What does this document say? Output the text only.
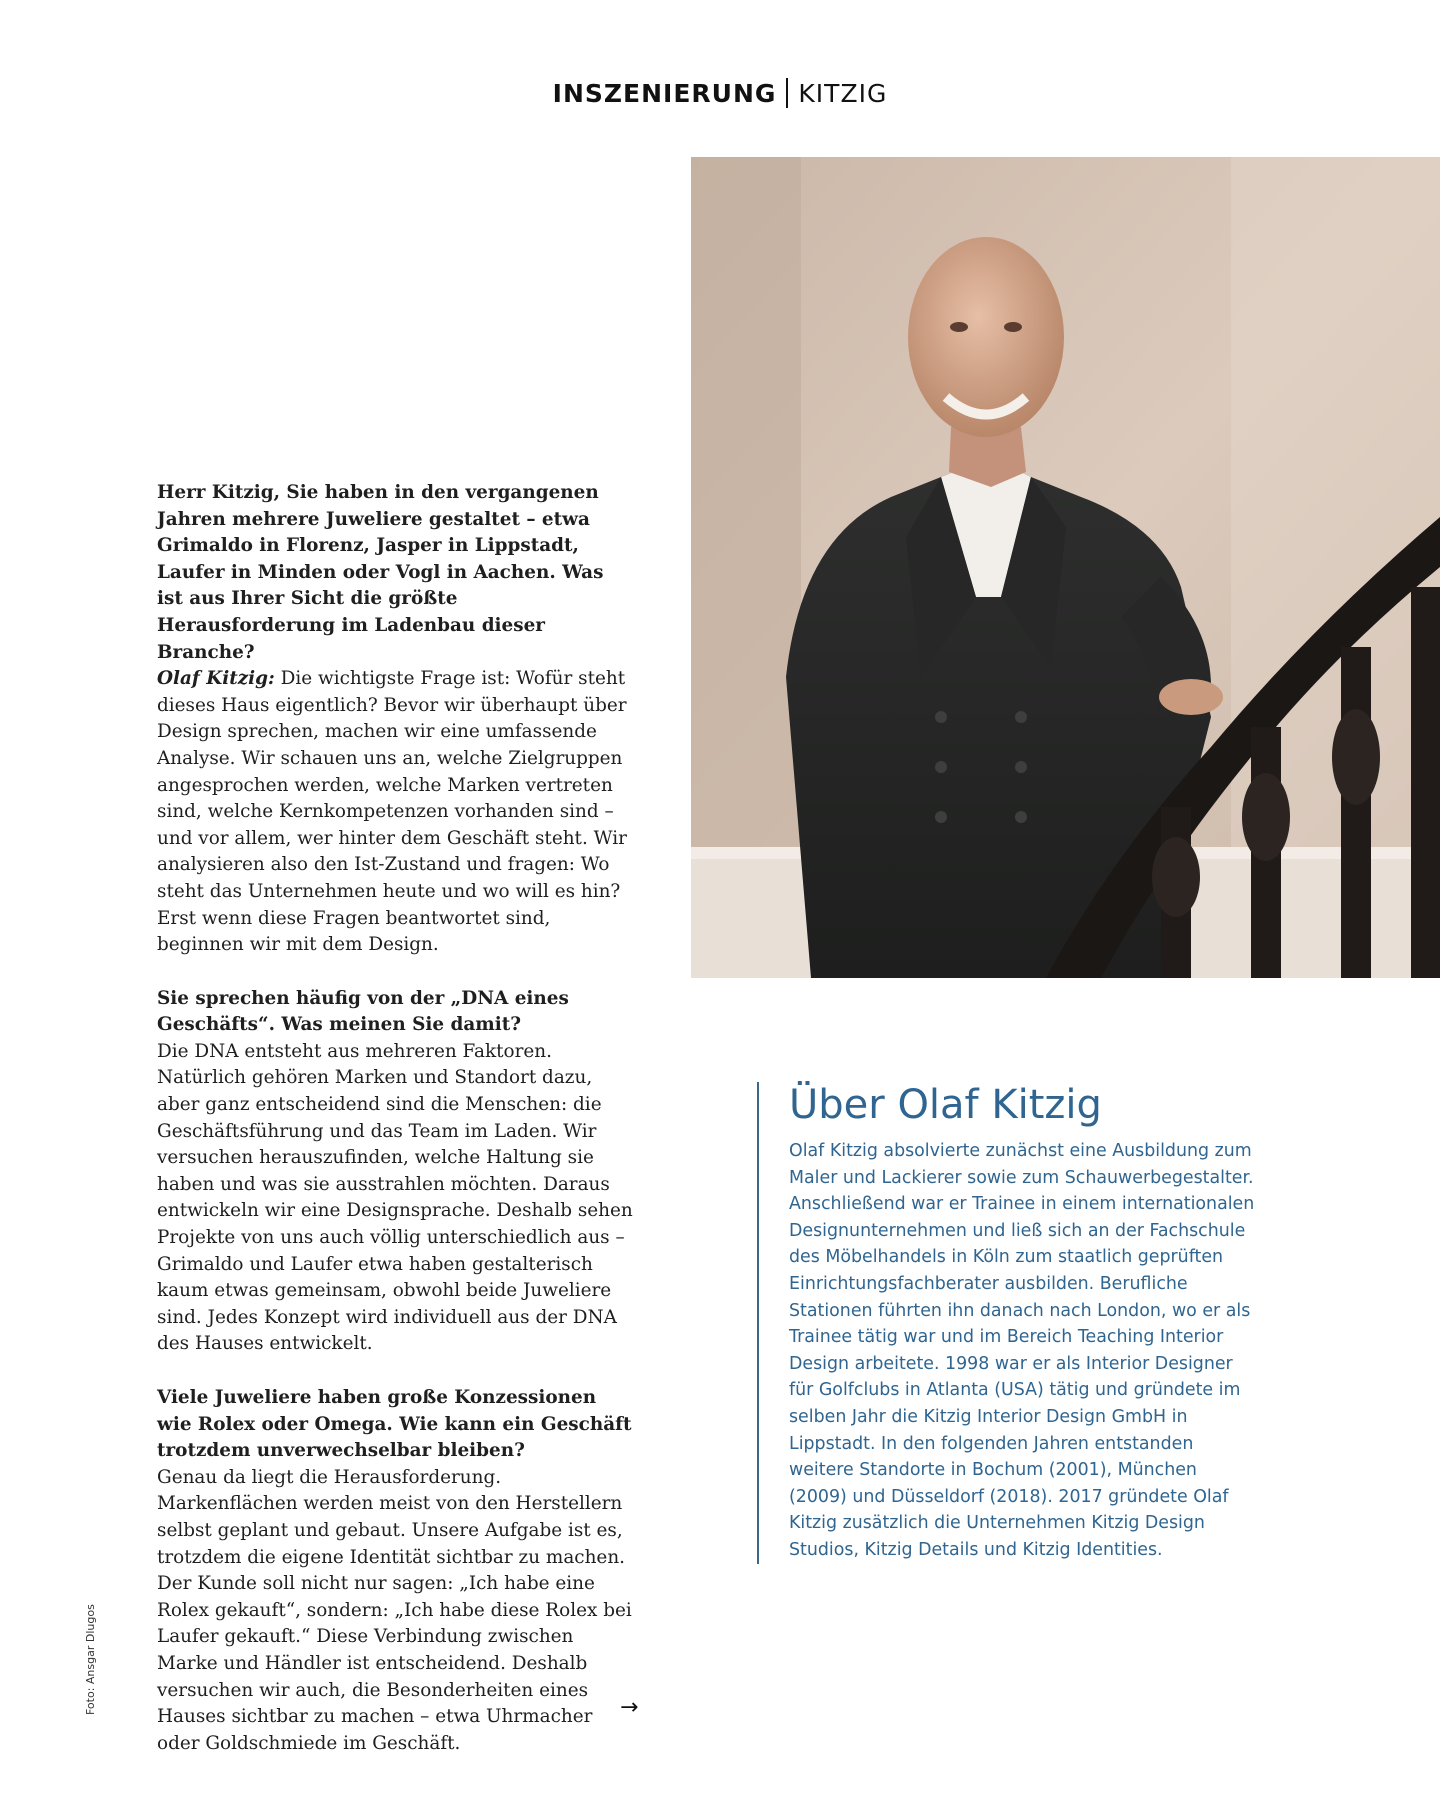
INSZENIERUNG KITZIG
Herr Kitzig, Sie haben in den vergangenen Jahren mehrere Juweliere gestaltet – etwa Grimaldo in Florenz, Jasper in Lippstadt, Laufer in Minden oder Vogl in Aachen. Was ist aus Ihrer Sicht die größte Herausforderung im Ladenbau dieser Branche?
Olaf Kitzig: Die wichtigste Frage ist: Wofür steht dieses Haus eigentlich? Bevor wir überhaupt über Design sprechen, machen wir eine umfassende Analyse. Wir schauen uns an, welche Zielgruppen angesprochen werden, welche Marken vertreten sind, welche Kernkompetenzen vorhanden sind – und vor allem, wer hinter dem Geschäft steht. Wir analysieren also den Ist-Zustand und fragen: Wo steht das Unternehmen heute und wo will es hin? Erst wenn diese Fragen beantwortet sind, beginnen wir mit dem Design.
Sie sprechen häufig von der „DNA eines Geschäfts“. Was meinen Sie damit?
Die DNA entsteht aus mehreren Faktoren. Natürlich gehören Marken und Standort dazu, aber ganz entscheidend sind die Menschen: die Geschäftsführung und das Team im Laden. Wir versuchen herauszufinden, welche Haltung sie haben und was sie ausstrahlen möchten. Daraus entwickeln wir eine Designsprache. Deshalb sehen Projekte von uns auch völlig unterschiedlich aus – Grimaldo und Laufer etwa haben gestalterisch kaum etwas gemeinsam, obwohl beide Juweliere sind. Jedes Konzept wird individuell aus der DNA des Hauses entwickelt.
Viele Juweliere haben große Konzessionen wie Rolex oder Omega. Wie kann ein Geschäft trotzdem unverwechselbar bleiben?
Genau da liegt die Herausforderung. Markenflächen werden meist von den Herstellern selbst geplant und gebaut. Unsere Aufgabe ist es, trotzdem die eigene Identität sichtbar zu machen. Der Kunde soll nicht nur sagen: „Ich habe eine Rolex gekauft“, sondern: „Ich habe diese Rolex bei Laufer gekauft.“ Diese Verbindung zwischen Marke und Händler ist entscheidend. Deshalb versuchen wir auch, die Besonderheiten eines Hauses sichtbar zu machen – etwa Uhrmacher oder Goldschmiede im Geschäft.
→
Über Olaf Kitzig

Olaf Kitzig absolvierte zunächst eine Ausbildung zum Maler und Lackierer sowie zum Schauwerbegestalter. Anschließend war er Trainee in einem internationalen Designunternehmen und ließ sich an der Fachschule des Möbelhandels in Köln zum staatlich geprüften Einrichtungsfachberater ausbilden. Berufliche Stationen führten ihn danach nach London, wo er als Trainee tätig war und im Bereich Teaching Interior Design arbeitete. 1998 war er als Interior Designer für Golfclubs in Atlanta (USA) tätig und gründete im selben Jahr die Kitzig Interior Design GmbH in Lippstadt. In den folgenden Jahren entstanden weitere Standorte in Bochum (2001), München (2009) und Düsseldorf (2018). 2017 gründete Olaf Kitzig zusätzlich die Unternehmen Kitzig Design Studios, Kitzig Details und Kitzig Identities.

Foto: Ansgar Dlugos
